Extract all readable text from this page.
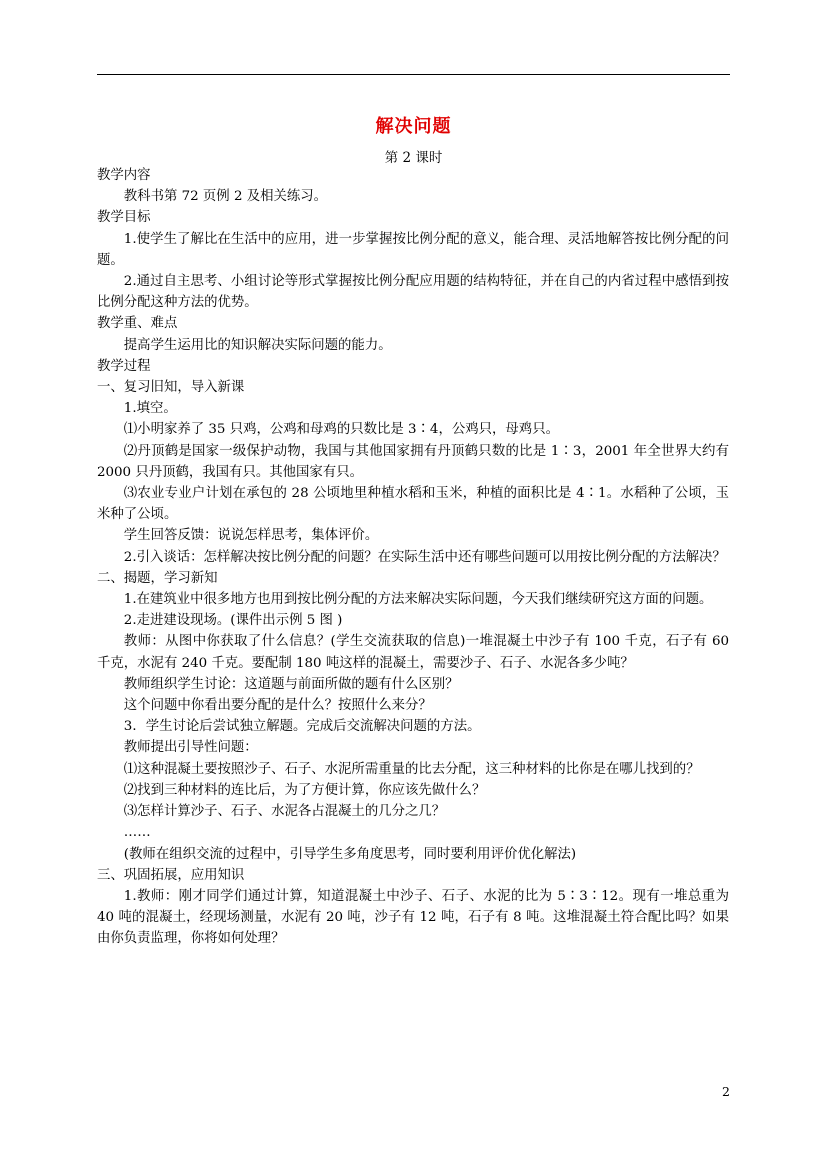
解决问题
第 2 课时

教学内容

教科书第 72 页例 2 及相关练习。

教学目标

1.使学生了解比在生活中的应用，进一步掌握按比例分配的意义，能合理、灵活地解答按比例分配的问题。

2.通过自主思考、小组讨论等形式掌握按比例分配应用题的结构特征，并在自己的内省过程中感悟到按比例分配这种方法的优势。

教学重、难点

提高学生运用比的知识解决实际问题的能力。

教学过程

一、复习旧知，导入新课

1.填空。

⑴小明家养了 35 只鸡，公鸡和母鸡的只数比是 3∶4，公鸡只，母鸡只。

⑵丹顶鹤是国家一级保护动物，我国与其他国家拥有丹顶鹤只数的比是 1∶3，2001 年全世界大约有 2000 只丹顶鹤，我国有只。其他国家有只。

⑶农业专业户计划在承包的 28 公顷地里种植水稻和玉米，种植的面积比是 4∶1。水稻种了公顷，玉米种了公顷。

学生回答反馈：说说怎样思考，集体评价。

2.引入谈话：怎样解决按比例分配的问题？在实际生活中还有哪些问题可以用按比例分配的方法解决？

二、揭题，学习新知

1.在建筑业中很多地方也用到按比例分配的方法来解决实际问题，今天我们继续研究这方面的问题。

2.走进建设现场。(课件出示例 5 图 )

教师：从图中你获取了什么信息？(学生交流获取的信息)一堆混凝土中沙子有 100 千克，石子有 60 千克，水泥有 240 千克。要配制 180 吨这样的混凝土，需要沙子、石子、水泥各多少吨？

教师组织学生讨论：这道题与前面所做的题有什么区别？

这个问题中你看出要分配的是什么？按照什么来分？

3．学生讨论后尝试独立解题。完成后交流解决问题的方法。

教师提出引导性问题：

⑴这种混凝土要按照沙子、石子、水泥所需重量的比去分配，这三种材料的比你是在哪儿找到的？

⑵找到三种材料的连比后，为了方便计算，你应该先做什么？

⑶怎样计算沙子、石子、水泥各占混凝土的几分之几？

……

(教师在组织交流的过程中，引导学生多角度思考，同时要利用评价优化解法)

三、巩固拓展，应用知识

1.教师：刚才同学们通过计算，知道混凝土中沙子、石子、水泥的比为 5∶3∶12。现有一堆总重为 40 吨的混凝土，经现场测量，水泥有 20 吨，沙子有 12 吨，石子有 8 吨。这堆混凝土符合配比吗？如果由你负责监理，你将如何处理？

2
